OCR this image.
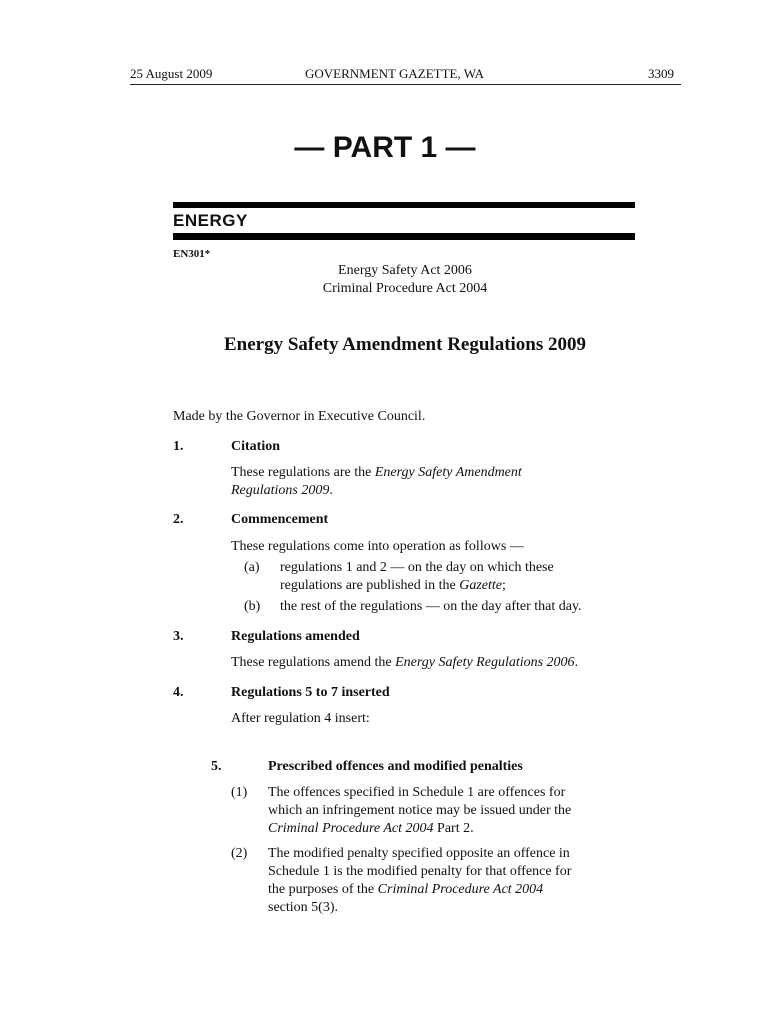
25 August 2009	GOVERNMENT GAZETTE, WA	3309
— PART 1 —
ENERGY
EN301*
Energy Safety Act 2006
Criminal Procedure Act 2004
Energy Safety Amendment Regulations 2009
Made by the Governor in Executive Council.
1.	Citation
These regulations are the Energy Safety Amendment
Regulations 2009.
2.	Commencement
These regulations come into operation as follows —
(a) regulations 1 and 2 — on the day on which these
regulations are published in the Gazette;
(b) the rest of the regulations — on the day after that day.
3.	Regulations amended
These regulations amend the Energy Safety Regulations 2006.
4.	Regulations 5 to 7 inserted
After regulation 4 insert:
5.	Prescribed offences and modified penalties
(1) The offences specified in Schedule 1 are offences for
which an infringement notice may be issued under the
Criminal Procedure Act 2004 Part 2.
(2) The modified penalty specified opposite an offence in
Schedule 1 is the modified penalty for that offence for
the purposes of the Criminal Procedure Act 2004
section 5(3).
